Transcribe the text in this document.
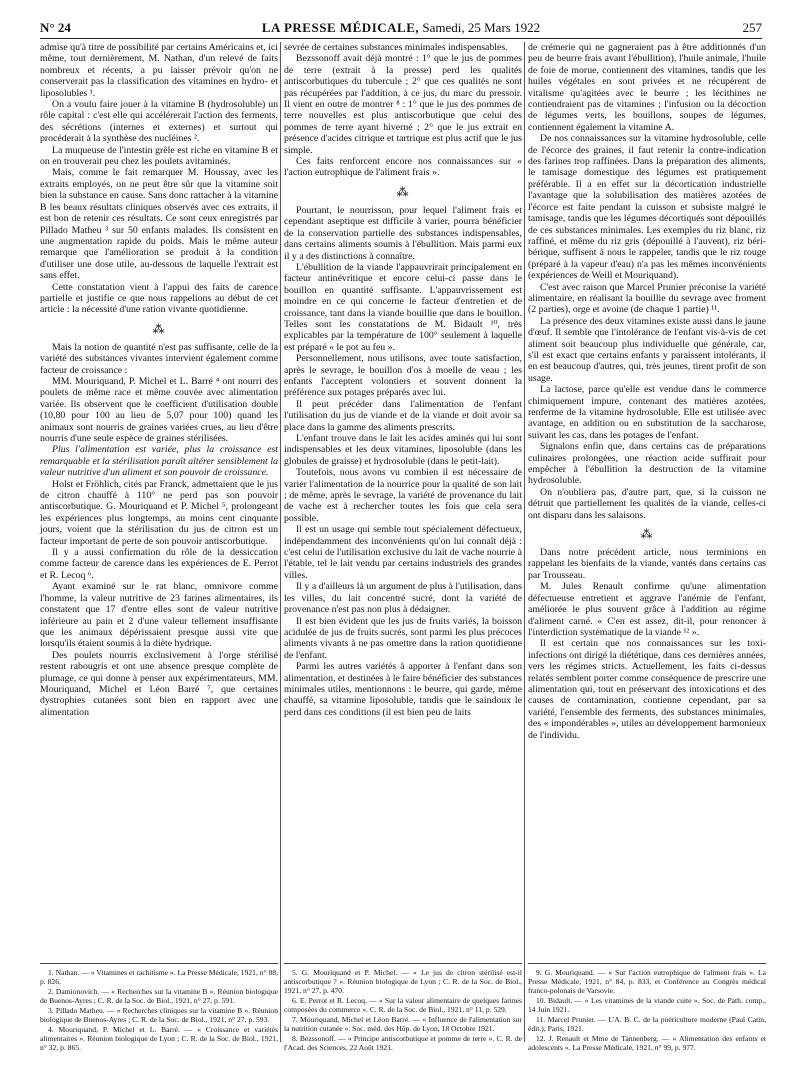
N° 24	LA PRESSE MÉDICALE, Samedi, 25 Mars 1922	257

admise qu'à titre de possibilité par certains Américains et, ici même, tout dernièrement, M. Nathan, d'un relevé de faits nombreux et récents, a pu laisser prévoir qu'on ne conserverait pas la classification des vitamines en hydro- et liposolubles ¹.

On a voulu faire jouer à la vitamine B (hydrosoluble) un rôle capital : c'est elle qui accélérerait l'action des ferments, des sécrétions (internes et externes) et surtout qui procéderait à la synthèse des nucléines ².

La muqueuse de l'intestin grêle est riche en vitamine B et on en trouverait peu chez les poulets avitaminés.

Mais, comme le fait remarquer M. Houssay, avec les extraits employés, on ne peut être sûr que la vitamine soit bien la substance en cause. Sans donc rattacher à la vitamine B les beaux résultats cliniques observés avec ces extraits, il est bon de retenir ces résultats. Ce sont ceux enregistrés par Pillado Matheu ³ sur 50 enfants malades. Ils consistent en une augmentation rapide du poids. Mais le même auteur remarque que l'amélioration se produit à la condition d'utiliser une dose utile, au-dessous de laquelle l'extrait est sans effet.

Cette constatation vient à l'appui des faits de carence partielle et justifie ce que nous rappelions au début de cet article : la nécessité d'une ration vivante quotidienne.

⁂

Mais la notion de quantité n'est pas suffisante, celle de la variété des substances vivantes intervient également comme facteur de croissance :

MM. Mouriquand, P. Michel et L. Barré ⁴ ont nourri des poulets de même race et même couvée avec alimentation variée. Ils observent que le coefficient d'utilisation double (10,80 pour 100 au lieu de 5,07 pour 100) quand les animaux sont nourris de graines variées crues, au lieu d'être nourris d'une seule espèce de graines stérilisées.

Plus l'alimentation est variée, plus la croissance est remarquable et la stérilisation paraît altérer sensiblement la valeur nutritive d'un aliment et son pouvoir de croissance.

Holst et Fröhlich, cités par Franck, admettaient que le jus de citron chauffé à 110° ne perd pas son pouvoir antiscorbutique. G. Mouriquand et P. Michel ⁵, prolongeant les expériences plus longtemps, au moins cent cinquante jours, voient que la stérilisation du jus de citron est un facteur important de perte de son pouvoir antiscorbutique.

Il y a aussi confirmation du rôle de la dessiccation comme facteur de carence dans les expériences de E. Perrot et R. Lecoq ⁶.

Ayant examiné sur le rat blanc, omnivore comme l'homme, la valeur nutritive de 23 farines alimentaires, ils constatent que 17 d'entre elles sont de valeur nutritive inférieure au pain et 2 d'une valeur tellement insuffisante que les animaux dépérissaient presque aussi vite que lorsqu'ils étaient soumis à la diète hydrique.

Des poulets nourris exclusivement à l'orge stérilisé restent rabougris et ont une absence presque complète de plumage, ce qui donne à penser aux expérimentateurs, MM. Mouriquand, Michel et Léon Barré ⁷, que certaines dystrophies cutanées sont bien en rapport avec une alimentation

sevrée de certaines substances minimales indispensables.

Bezssonoff avait déjà montré : 1° que le jus de pommes de terre (extrait à la presse) perd les qualités antiscorbutiques du tubercule ; 2° que ces qualités ne sont pas récupérées par l'addition, à ce jus, du marc du pressoir. Il vient en outre de montrer ⁸ : 1° que le jus des pommes de terre nouvelles est plus antiscorbutique que celui des pommes de terre ayant hiverné ; 2° que le jus extrait en présence d'acides citrique et tartrique est plus actif que le jus simple.

Ces faits renforcent encore nos connaissances sur « l'action eutrophique de l'aliment frais ».

⁂

Pourtant, le nourrisson, pour lequel l'aliment frais et cependant aseptique est difficile à varier, pourra bénéficier de la conservation partielle des substances indispensables, dans certains aliments soumis à l'ébullition. Mais parmi eux il y a des distinctions à connaître.

L'ébullition de la viande l'appauvrirait principalement en facteur antinévritique et encore celui-ci passe dans le bouillon en quantité suffisante. L'appauvrissement est moindre en ce qui concerne le facteur d'entretien et de croissance, tant dans la viande bouillie que dans le bouillon. Telles sont les constatations de M. Bidault ¹⁰, très explicables par la température de 100° seulement à laquelle est préparé « le pot au feu ».

Personnellement, nous utilisons, avec toute satisfaction, après le sevrage, le bouillon d'os à moelle de veau ; les enfants l'acceptent volontiers et souvent donnent la préférence aux potages préparés avec lui.

Il peut précéder dans l'alimentation de l'enfant l'utilisation du jus de viande et de la viande et doit avoir sa place dans la gamme des aliments prescrits.

L'enfant trouve dans le lait les acides aminés qui lui sont indispensables et les deux vitamines, liposoluble (dans les globules de graisse) et hydrosoluble (dans le petit-lait).

Toutefois, nous avons vu combien il est nécessaire de varier l'alimentation de la nourrice pour la qualité de son lait ; de même, après le sevrage, la variété de provenance du lait de vache est à rechercher toutes les fois que cela sera possible.

Il est un usage qui semble tout spécialement défectueux, indépendamment des inconvénients qu'on lui connaît déjà : c'est celui de l'utilisation exclusive du lait de vache nourrie à l'étable, tel le lait vendu par certains industriels des grandes villes.

Il y a d'ailleurs là un argument de plus à l'utilisation, dans les villes, du lait concentré sucré, dont la variété de provenance n'est pas non plus à dédaigner.

Il est bien évident que les jus de fruits variés, la boisson acidulée de jus de fruits sucrés, sont parmi les plus précoces aliments vivants à ne pas omettre dans la ration quotidienne de l'enfant.

Parmi les autres variétés à apporter à l'enfant dans son alimentation, et destinées à le faire bénéficier des substances minimales utiles, mentionnons : le beurre, qui garde, même chauffé, sa vitamine liposoluble, tandis que le saindoux le perd dans ces conditions (il est bien peu de laits

de crémerie qui ne gagneraient pas à être additionnés d'un peu de beurre frais avant l'ébullition), l'huile animale, l'huile de foie de morue, contiennent des vitamines, tandis que les huiles végétales en sont privées et ne récupèrent de vitalisme qu'agitées avec le beurre ; les lécithines ne contiendraient pas de vitamines ; l'infusion ou la décoction de légumes verts, les bouillons, soupes de légumes, contiennent également la vitamine A.

De nos connaissances sur la vitamine hydrosoluble, celle de l'écorce des graines, il faut retenir la contre-indication des farines trop raffinées. Dans la préparation des aliments, le tamisage domestique des légumes est pratiquement préférable. Il a en effet sur la décortication industrielle l'avantage que la solubilisation des matières azotées de l'écorce est faite pendant la cuisson et subsiste malgré le tamisage, tandis que les légumes décortiqués sont dépouillés de ces substances minimales. Les exemples du riz blanc, riz raffiné, et même du riz gris (dépouillé à l'auvent), riz béri-bérique, suffisent à nous le rappeler, tandis que le riz rouge (préparé à la vapeur d'eau) n'a pas les mêmes inconvénients (expériences de Weill et Mouriquand).

C'est avec raison que Marcel Prunier préconise la variété alimentaire, en réalisant la bouillie du sevrage avec froment (2 parties), orge et avoine (de chaque 1 partie) ¹¹.

La présence des deux vitamines existe aussi dans le jaune d'œuf. Il semble que l'intolérance de l'enfant vis-à-vis de cet aliment soit beaucoup plus individuelle que générale, car, s'il est exact que certains enfants y paraissent intolérants, il en est beaucoup d'autres, qui, très jeunes, tirent profit de son usage.

La lactose, parce qu'elle est vendue dans le commerce chimiquement impure, contenant des matières azotées, renferme de la vitamine hydrosoluble. Elle est utilisée avec avantage, en addition ou en substitution de la saccharose, suivant les cas, dans les potages de l'enfant.

Signalons enfin que, dans certains cas de préparations culinaires prolongées, une réaction acide suffirait pour empêcher à l'ébullition la destruction de la vitamine hydrosoluble.

On n'oubliera pas, d'autre part, que, si la cuisson ne détruit que partiellement les qualités de la viande, celles-ci ont disparu dans les salaisons.

⁂

Dans notre précédent article, nous terminions en rappelant les bienfaits de la viande, vantés dans certains cas par Trousseau.

M. Jules Renault confirme qu'une alimentation défectueuse entretient et aggrave l'anémie de l'enfant, améliorée le plus souvent grâce à l'addition au régime d'aliment carné. « C'en est assez, dit-il, pour renoncer à l'interdiction systématique de la viande ¹² ».

Il est certain que nos connaissances sur les toxi-infections ont dirigé la diététique, dans ces dernières années, vers les régimes stricts. Actuellement, les faits ci-dessus relatés semblent porter comme conséquence de prescrire une alimentation qui, tout en préservant des intoxications et des causes de contamination, contienne cependant, par sa variété, l'ensemble des ferments, des substances minimales, des « impondérables », utiles au développement harmonieux de l'individu.

1. Nathan. — « Vitamines et rachitisme ». La Presse Médicale, 1921, n° 88, p. 826.

2. Damionovich. — « Recherches sur la vitamine B ». Réunion biologique de Buenos-Ayres ; C. R. de la Soc. de Biol., 1921, n° 27, p. 591.

3. Pillado Matheu. — « Recherches cliniques sur la vitamine B ». Réunion biologique de Buenos-Ayres ; C. R. de la Soc. de Biol., 1921, n° 27, p. 593.

4. Mouriquand, P. Michel et L. Barré. — « Croissance et variétés alimentaires ». Réunion biologique de Lyon ; C. R. de la Soc. de Biol., 1921, n° 32, p. 865.

5. G. Mouriquand et P. Michel. — « Le jus de citron stérilisé est-il antiscorbutique ? ». Réunion biologique de Lyon ; C. R. de la Soc. de Biol., 1921, n° 27, p. 470.

6. E. Perrot et R. Lecoq. — « Sur la valeur alimentaire de quelques farines composées du commerce ». C. R. de la Soc. de Biol., 1921, n° 11, p. 529.

7. Mouriquand, Michel et Léon Barré. — « Influence de l'alimentation sur la nutrition cutanée ». Soc. méd. des Hôp. de Lyon, 18 Octobre 1921.

8. Bezssonoff. — « Principe antiscorbutique et pomme de terre ». C. R. de l'Acad. des Sciences, 22 Août 1921.

9. G. Mouriquand. — « Sur l'action eutrophique de l'aliment frais ». La Presse Médicale, 1921, n° 84, p. 833, et Conférence au Congrès médical franco-polonais de Varsovie.

10. Bidault. — « Les vitamines de la viande cuite ». Soc. de Path. comp., 14 Juin 1921.

11. Marcel Prunier. — L'A. B. C. de la puériculture moderne (Paul Catin, édit.), Paris, 1921.

12. J. Renault et Mme de Tannenberg. — « Alimentation des enfants et adolescents ». La Presse Médicale, 1921, n° 99, p. 977.
